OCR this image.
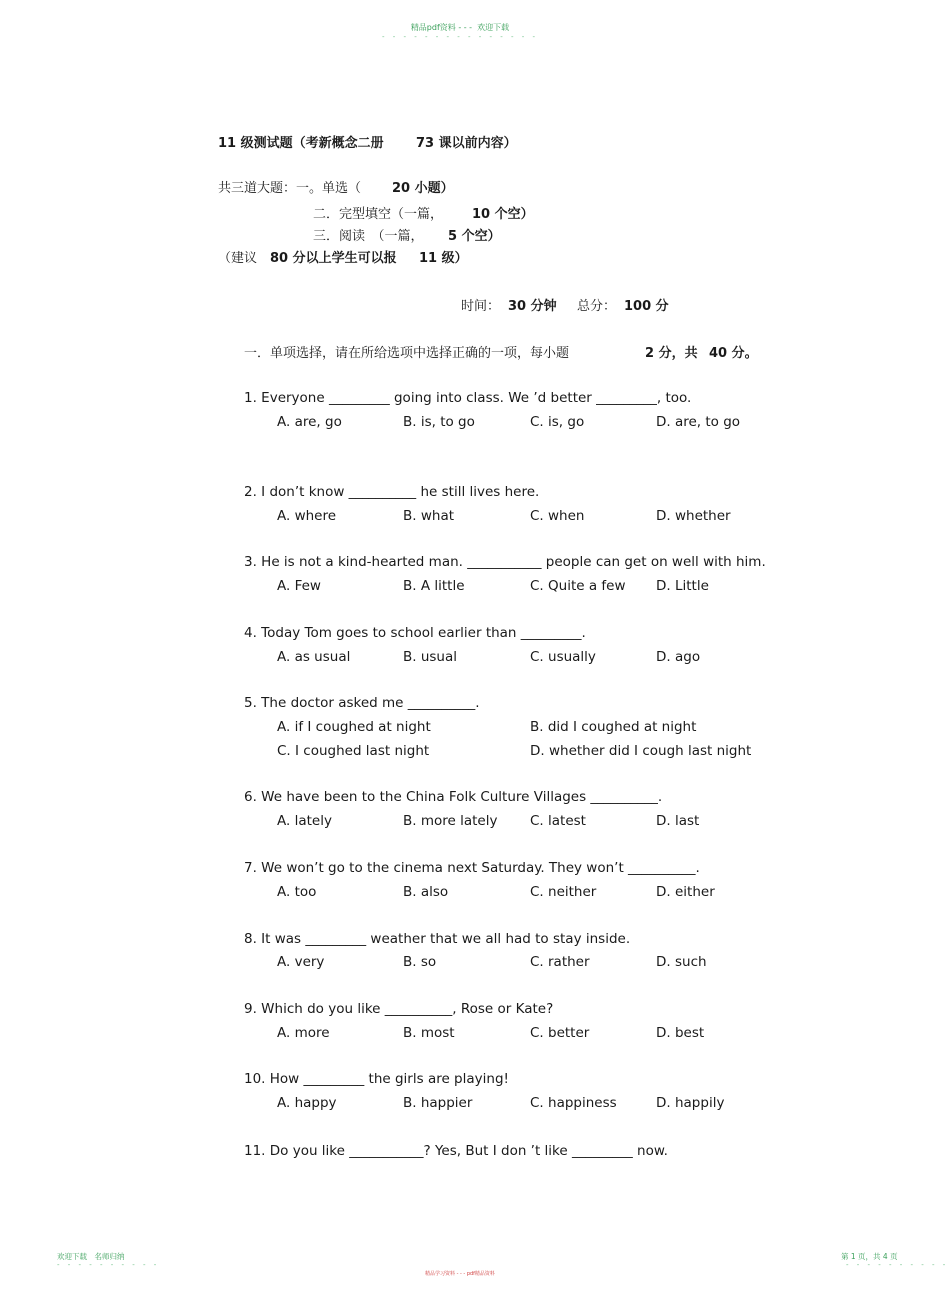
精品pdf资料 - - -  欢迎下载
- - - - - - - - - - - - - - -
11 级测试题（考新概念二册 73 课以前内容）
共三道大题：一。单选（ 20 小题）
二．完型填空（一篇， 10 个空）
三．阅读　（一篇， 5 个空）
（建议 80 分以上学生可以报 11 级）
时间： 30 分钟 总分： 100 分
一．单项选择，请在所给选项中选择正确的一项，每小题	2 分，共 40 分。
1. Everyone _________ going into class. We ’d better _________, too.
A. are, go	B. is, to go	C. is, go	D. are, to go
2. I don’t know __________ he still lives here.
A. where	B. what	C. when	D. whether
3. He is not a kind-hearted man. ___________ people can get on well with him.
A. Few	B. A little	C. Quite a few D. Little
4. Today Tom goes to school earlier than _________.
A. as usual	B. usual	C. usually	D. ago
5. The doctor asked me __________.
A. if I coughed at night	B. did I coughed at night
C. I coughed last night	D. whether did I cough last night
6. We have been to the China Folk Culture Villages __________.
A. lately	B. more lately C. latest	D. last
7. We won’t go to the cinema next Saturday. They won’t __________.
A. too	B. also	C. neither	D. either
8. It was _________ weather that we all had to stay inside.
A. very	B. so	C. rather	D. such
9. Which do you like __________, Rose or Kate?
A. more	B. most	C. better	D. best
10. How _________ the girls are playing!
A. happy	B. happier	C. happiness	D. happily
11. Do you like ___________? Yes, But I don ’t like _________ now.
欢迎下载　名师归纳
- - - - - - - - - -
第 1 页，共 4 页
- - - - - - - - - -
精品学习资料 - - - pdf精品资料
